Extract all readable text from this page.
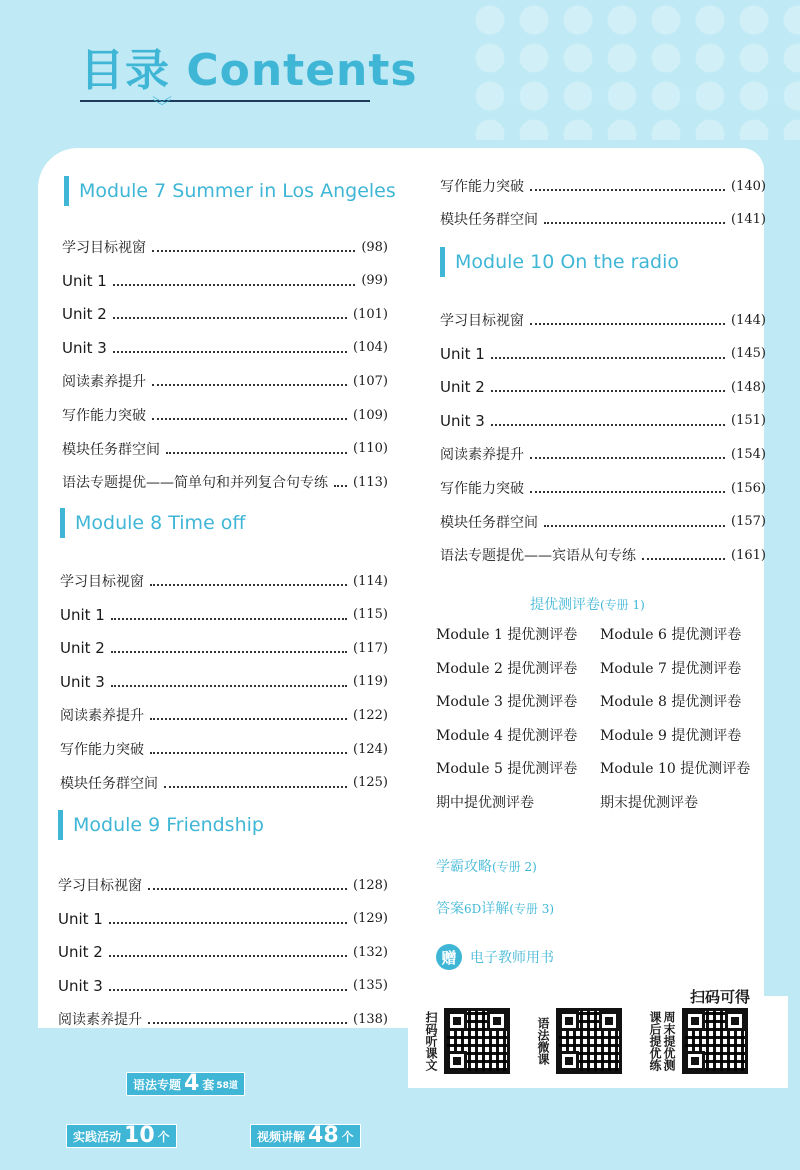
目录 Contents
︾
Module 7 Summer in Los Angeles
学习目标视窗	(98)
Unit 1	(99)
Unit 2	(101)
Unit 3	(104)
阅读素养提升	(107)
写作能力突破	(109)
模块任务群空间	(110)
语法专题提优——简单句和并列复合句专练 (113)
Module 8 Time off
学习目标视窗	(114)
Unit 1	(115)
Unit 2	(117)
Unit 3	(119)
阅读素养提升	(122)
写作能力突破	(124)
模块任务群空间	(125)
Module 9 Friendship
学习目标视窗	(128)
Unit 1	(129)
Unit 2	(132)
Unit 3	(135)
阅读素养提升	(138)
写作能力突破	(140)
模块任务群空间	(141)
Module 10 On the radio
学习目标视窗	(144)
Unit 1	(145)
Unit 2	(148)
Unit 3	(151)
阅读素养提升	(154)
写作能力突破	(156)
模块任务群空间	(157)
语法专题提优——宾语从句专练	(161)
Module 1 提优测评卷 Module 6 提优测评卷
Module 2 提优测评卷 Module 7 提优测评卷
Module 3 提优测评卷 Module 8 提优测评卷
Module 4 提优测评卷 Module 9 提优测评卷
Module 5 提优测评卷 Module 10 提优测评卷
期中提优测评卷	期末提优测评卷
提优测评卷(专册 1)
学霸攻略(专册 2)
答案6D详解(专册 3)
赠 电子教师用书
扫码可得
扫码听课文	语法微课	周末提优测
课后提优练
语法专题 4 套 58道
实践活动 10 个	视频讲解 48 个
